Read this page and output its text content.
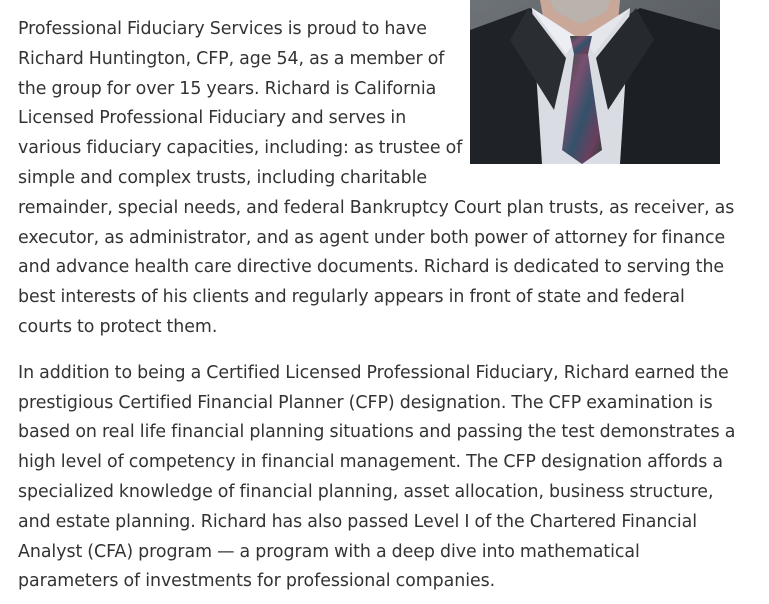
Professional Fiduciary Services is proud to have
Richard Huntington, CFP, age 54, as a member of
the group for over 15 years. Richard is California
Licensed Professional Fiduciary and serves in
various fiduciary capacities, including: as trustee of
simple and complex trusts, including charitable
remainder, special needs, and federal Bankruptcy Court plan trusts, as receiver, as
executor, as administrator, and as agent under both power of attorney for finance
and advance health care directive documents. Richard is dedicated to serving the
best interests of his clients and regularly appears in front of state and federal
courts to protect them.

In addition to being a Certified Licensed Professional Fiduciary, Richard earned the
prestigious Certified Financial Planner (CFP) designation. The CFP examination is
based on real life financial planning situations and passing the test demonstrates a
high level of competency in financial management. The CFP designation affords a
specialized knowledge of financial planning, asset allocation, business structure,
and estate planning. Richard has also passed Level I of the Chartered Financial
Analyst (CFA) program — a program with a deep dive into mathematical
parameters of investments for professional companies.
